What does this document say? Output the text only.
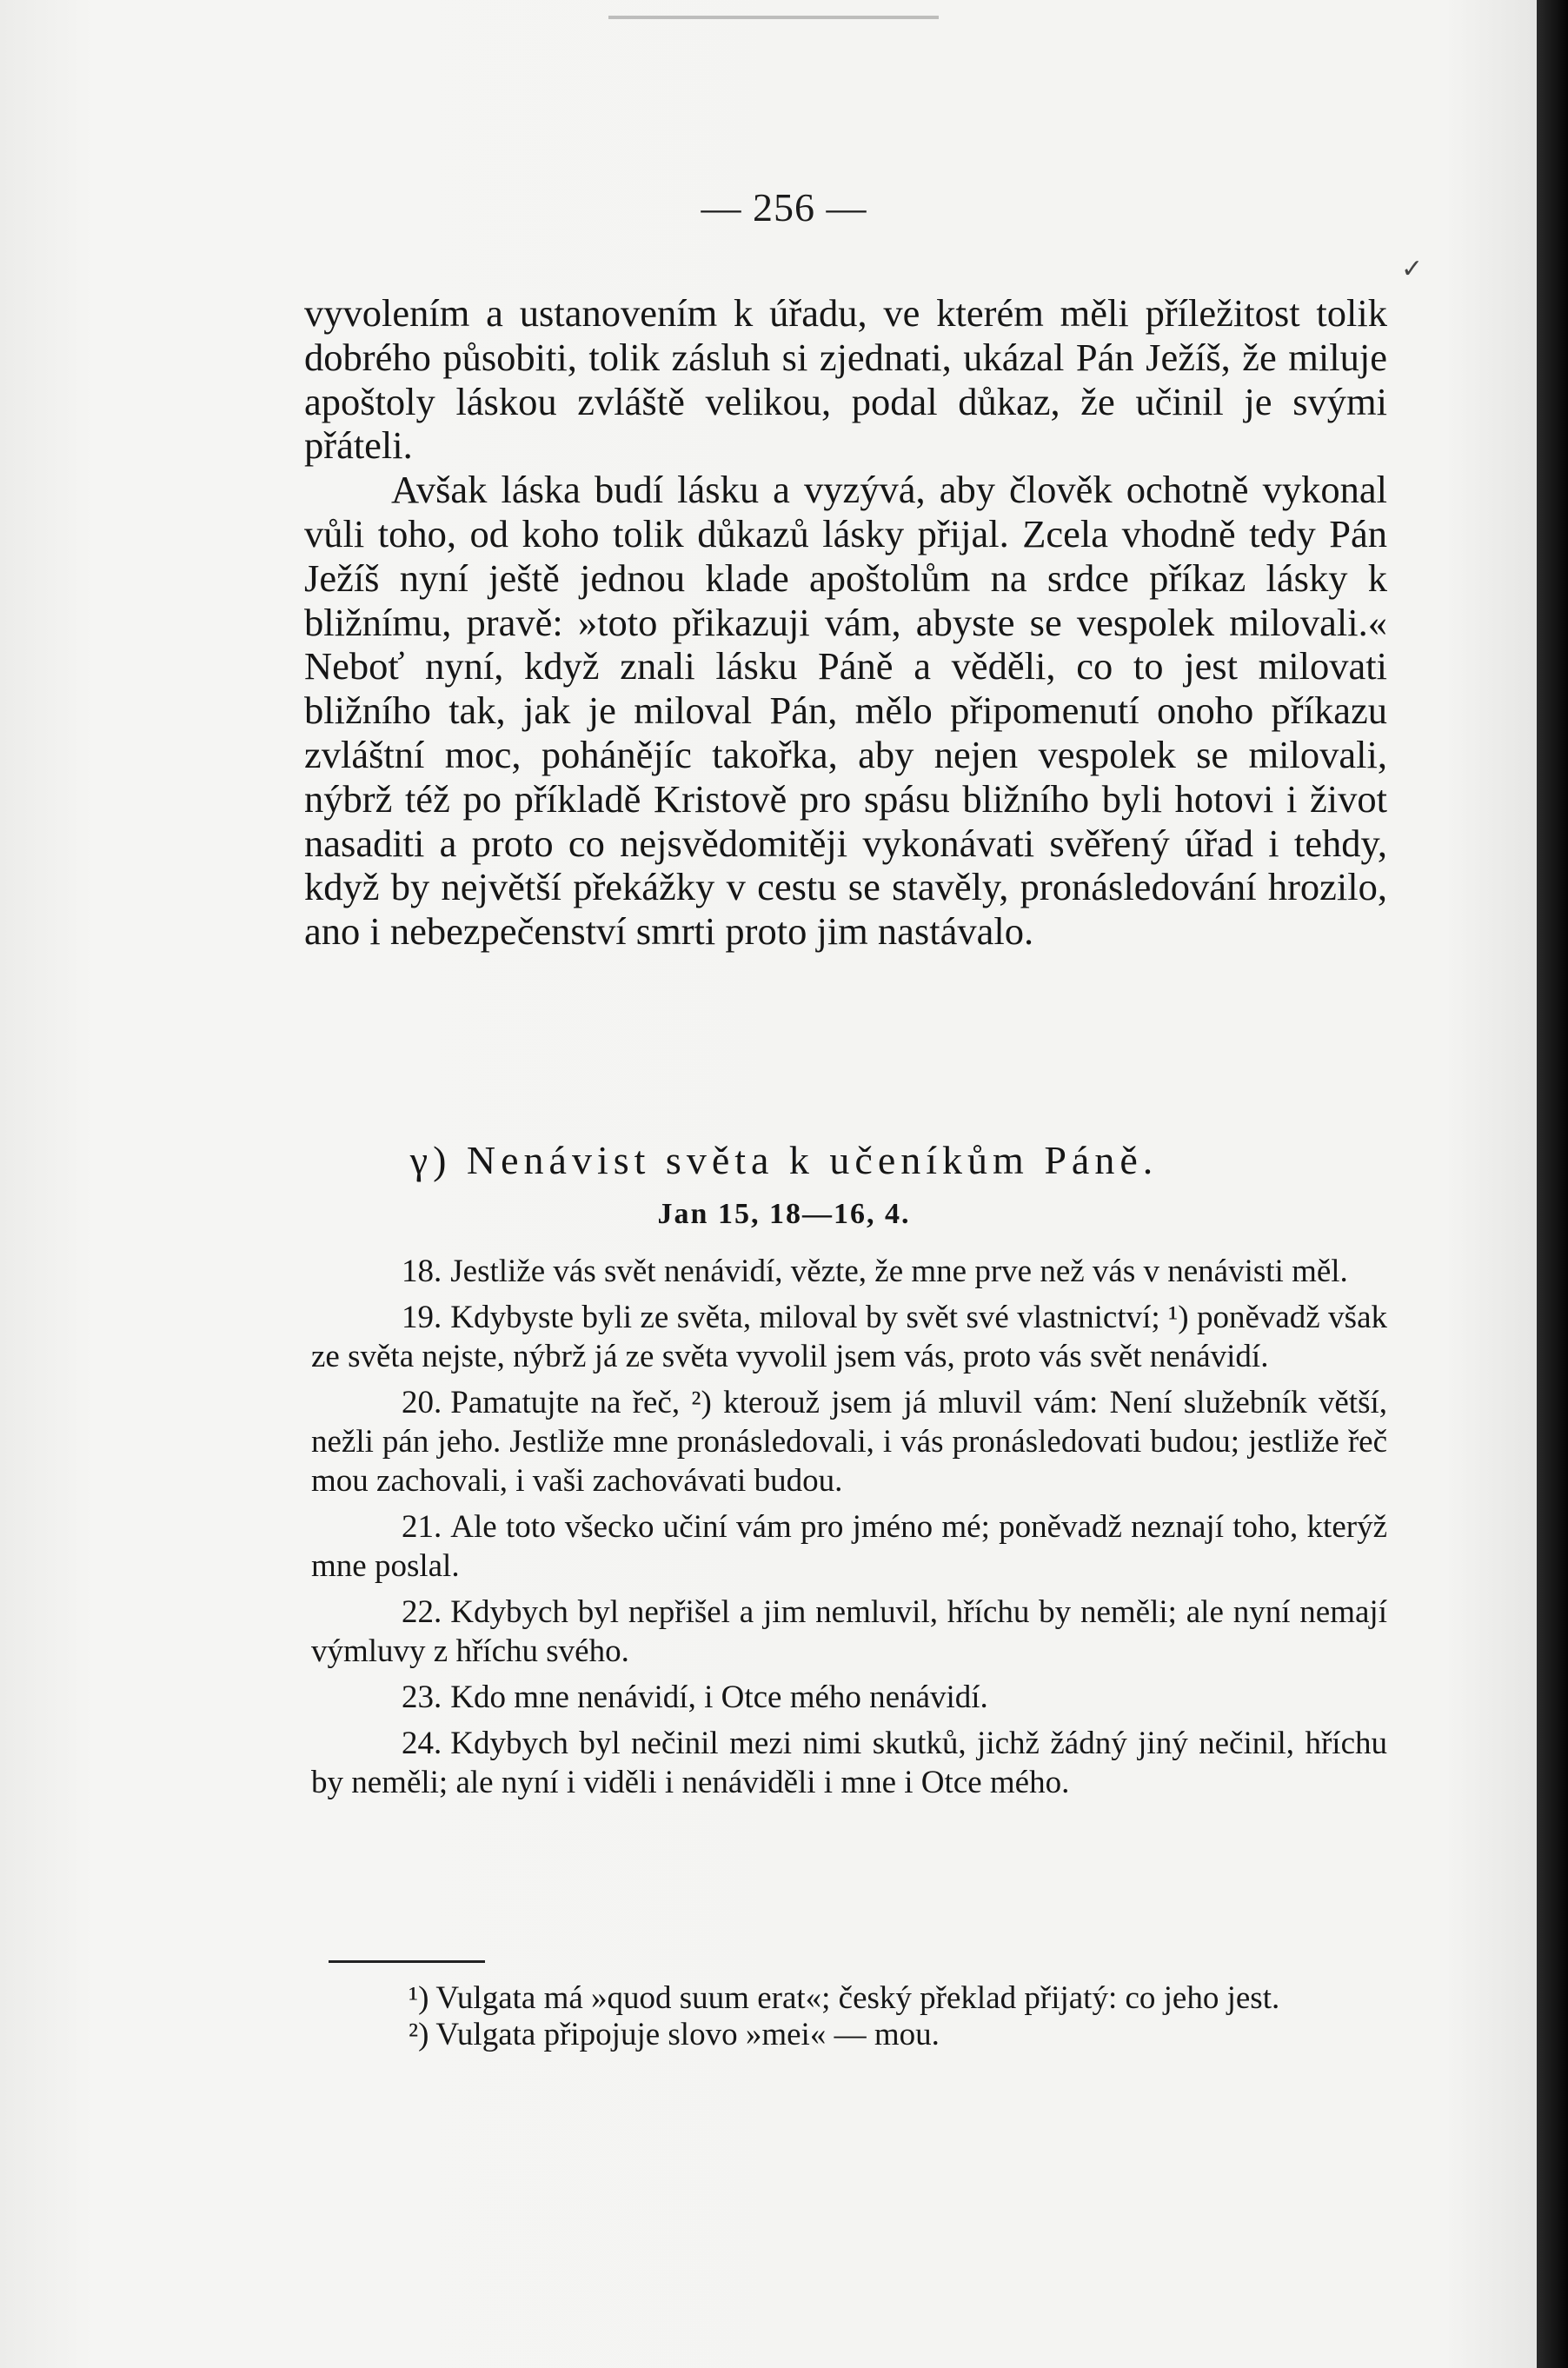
— 256 —
✓

vyvolením a ustanovením k úřadu, ve kterém měli příležitost tolik dobrého působiti, tolik zásluh si zjednati, ukázal Pán Ježíš, že miluje apoštoly láskou zvláště velikou, podal důkaz, že učinil je svými přáteli.

Avšak láska budí lásku a vyzývá, aby člověk ochotně vykonal vůli toho, od koho tolik důkazů lásky přijal. Zcela vhodně tedy Pán Ježíš nyní ještě jednou klade apoštolům na srdce příkaz lásky k bližnímu, pravě: »toto přikazuji vám, abyste se vespolek milovali.« Neboť nyní, když znali lásku Páně a věděli, co to jest milovati bližního tak, jak je miloval Pán, mělo připomenutí onoho příkazu zvláštní moc, pohánějíc takořka, aby nejen vespolek se milovali, nýbrž též po příkladě Kristově pro spásu bližního byli hotovi i život nasaditi a proto co nejsvědomitěji vykonávati svěřený úřad i tehdy, když by největší překážky v cestu se stavěly, pronásledování hrozilo, ano i nebezpečenství smrti proto jim nastávalo.

γ) Nenávist světa k učeníkům Páně.
Jan 15, 18—16, 4.

18. Jestliže vás svět nenávidí, vězte, že mne prve než vás v nenávisti měl.

19. Kdybyste byli ze světa, miloval by svět své vlastnictví; ¹) poněvadž však ze světa nejste, nýbrž já ze světa vyvolil jsem vás, proto vás svět nenávidí.

20. Pamatujte na řeč, ²) kterouž jsem já mluvil vám: Není služebník větší, nežli pán jeho. Jestliže mne pronásledovali, i vás pronásledovati budou; jestliže řeč mou zachovali, i vaši zachovávati budou.

21. Ale toto všecko učiní vám pro jméno mé; poněvadž neznají toho, kterýž mne poslal.

22. Kdybych byl nepřišel a jim nemluvil, hříchu by neměli; ale nyní nemají výmluvy z hříchu svého.

23. Kdo mne nenávidí, i Otce mého nenávidí.

24. Kdybych byl nečinil mezi nimi skutků, jichž žádný jiný nečinil, hříchu by neměli; ale nyní i viděli i nenáviděli i mne i Otce mého.

¹) Vulgata má »quod suum erat«; český překlad přijatý: co jeho jest.

²) Vulgata připojuje slovo »mei« — mou.
